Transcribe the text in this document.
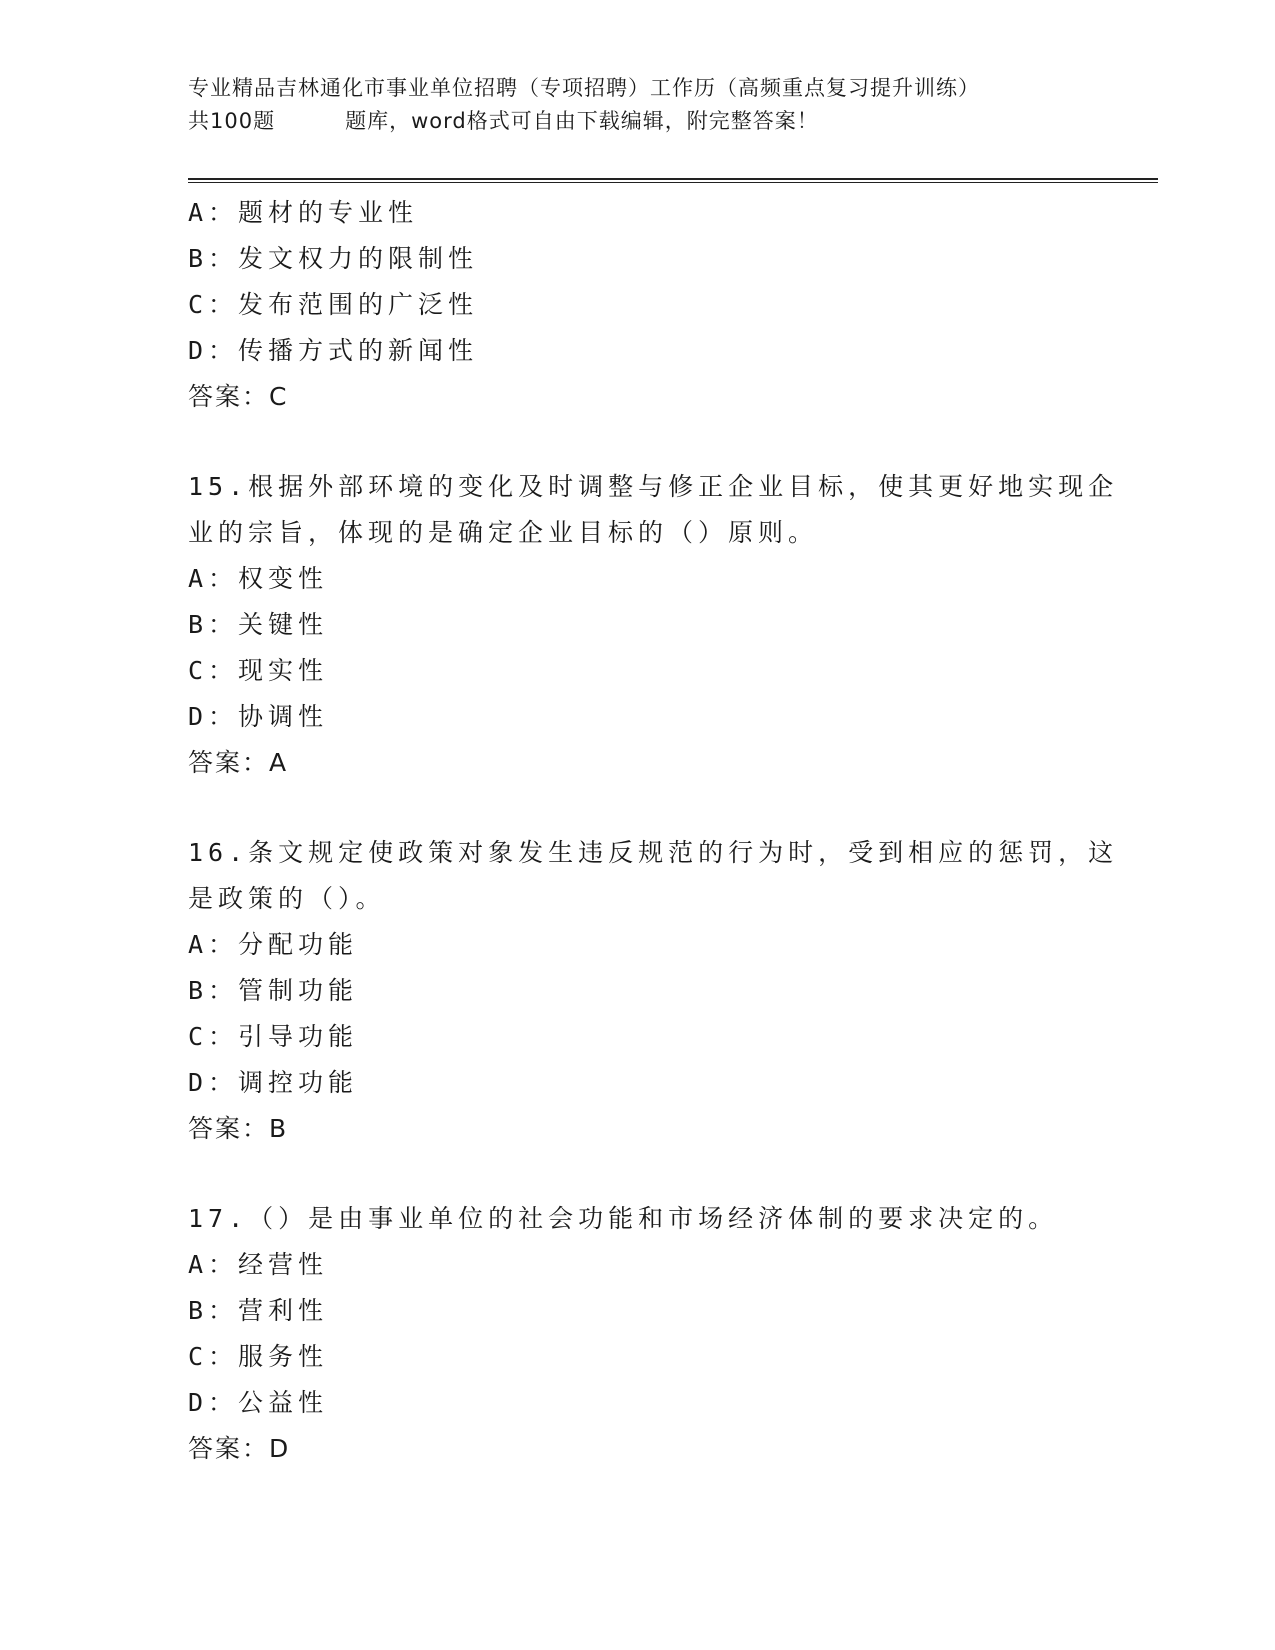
专业精品吉林通化市事业单位招聘（专项招聘）工作历（高频重点复习提升训练）
共100题	题库，word格式可自由下载编辑，附完整答案！
A：题材的专业性
B：发文权力的限制性
C：发布范围的广泛性
D：传播方式的新闻性
答案：C
15.根据外部环境的变化及时调整与修正企业目标，使其更好地实现企
业的宗旨，体现的是确定企业目标的（）原则。
A：权变性
B：关键性
C：现实性
D：协调性
答案：A
16.条文规定使政策对象发生违反规范的行为时，受到相应的惩罚，这
是政策的（）。
A：分配功能
B：管制功能
C：引导功能
D：调控功能
答案：B
17.（）是由事业单位的社会功能和市场经济体制的要求决定的。
A：经营性
B：营利性
C：服务性
D：公益性
答案：D
